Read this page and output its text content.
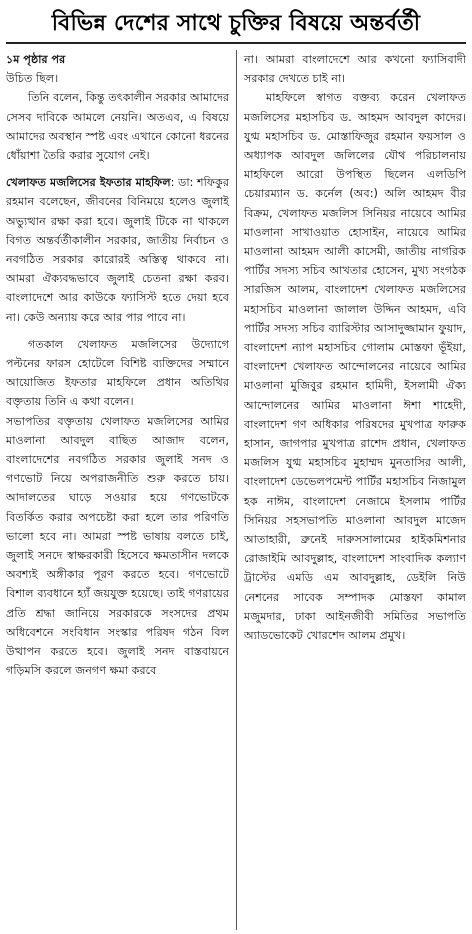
বিভিন্ন দেশের সাথে চুক্তির বিষয়ে অন্তর্বর্তী

১ম পৃষ্ঠার পর

উচিত ছিল।

তিনি বলেন, কিন্তু তৎকালীন সরকার আমাদের সেসব দাবিকে আমলে নেয়নি। অতএব, এ বিষয়ে আমাদের অবস্থান স্পষ্ট এবং এখানে কোনো ধরনের ধোঁয়াশা তৈরি করার সুযোগ নেই।

খেলাফত মজলিসের ইফতার মাহফিল: ডা: শফিকুর রহমান বলেছেন, জীবনের বিনিময়ে হলেও জুলাই অভ্যুত্থান রক্ষা করা হবে। জুলাই টিকে না থাকলে বিগত অন্তর্বর্তীকালীন সরকার, জাতীয় নির্বাচন ও নবগঠিত সরকার কারোরই অস্তিত্ব থাকবে না। আমরা ঐক্যবদ্ধভাবে জুলাই চেতনা রক্ষা করব। বাংলাদেশে আর কাউকে ফ্যাসিস্ট হতে দেয়া হবে না। কেউ অন্যায় করে আর পার পাবে না।

গতকাল খেলাফত মজলিসের উদ্যোগে পল্টনের ফারস হোটেলে বিশিষ্ট ব্যক্তিদের সম্মানে আয়োজিত ইফতার মাহফিলে প্রধান অতিথির বক্তৃতায় তিনি এ কথা বলেন।

সভাপতির বক্তৃতায় খেলাফত মজলিসের আমির মাওলানা আবদুল বাছিত আজাদ বলেন, বাংলাদেশের নবগঠিত সরকার জুলাই সনদ ও গণভোট নিয়ে অপরাজনীতি শুরু করতে চায়। আদালতের ঘাড়ে সওয়ার হয়ে গণভোটকে বিতর্কিত করার অপচেষ্টা করা হলে তার পরিণতি ভালো হবে না। আমরা স্পষ্ট ভাষায় বলতে চাই, জুলাই সনদে স্বাক্ষরকারী হিসেবে ক্ষমতাসীন দলকে অবশ্যই অঙ্গীকার পূরণ করতে হবে। গণভোটে বিশাল ব্যবধানে হ্যাঁ জয়যুক্ত হয়েছে। তাই গণরায়ের প্রতি শ্রদ্ধা জানিয়ে সরকারকে সংসদের প্রথম অধিবেশনে সংবিধান সংস্কার পরিষদ গঠন বিল উত্থাপন করতে হবে। জুলাই সনদ বাস্তবায়নে গড়িমসি করলে জনগণ ক্ষমা করবে

না। আমরা বাংলাদেশে আর কখনো ফ্যাসিবাদী সরকার দেখতে চাই না।

মাহফিলে স্বাগত বক্তব্য করেন খেলাফত মজলিসের মহাসচিব ড. আহমদ আবদুল কাদের। যুগ্ম মহাসচিব ড. মোস্তাফিজুর রহমান ফয়সাল ও অধ্যাপক আবদুল জলিলের যৌথ পরিচালনায় মাহফিলে আরো উপস্থিত ছিলেন এলডিপি চেয়ারম্যান ড. কর্নেল (অব:) অলি আহমদ বীর বিক্রম, খেলাফত মজলিস সিনিয়র নায়েবে আমির মাওলানা সাখাওয়াত হোসাইন, নায়েবে আমির মাওলানা আহমদ আলী কাসেমী, জাতীয় নাগরিক পার্টির সদস্য সচিব আখতার হোসেন, মুখ্য সংগঠক সারজিস আলম, বাংলাদেশ খেলাফত মজলিসের মহাসচিব মাওলানা জালাল উদ্দিন আহমদ, এবি পার্টির সদস্য সচিব ব্যারিস্টার আসাদুজ্জামান ফুয়াদ, বাংলাদেশ ন্যাপ মহাসচিব গোলাম মোস্তফা ভূঁইয়া, বাংলাদেশ খেলাফত আন্দোলনের নায়েবে আমির মাওলানা মুজিবুর রহমান হামিদী, ইসলামী ঐক্য আন্দোলনের আমির মাওলানা ঈশা শাহেদী, বাংলাদেশ গণ অধিকার পরিষদের মুখপাত্র ফারুক হাসান, জাগপার মুখপাত্র রাশেদ প্রধান, খেলাফত মজলিস যুগ্ম মহাসচিব মুহাম্মদ মুনতাসির আলী, বাংলাদেশ ডেভেলপমেন্ট পার্টির মহাসচিব নিজামুল হক নাঈম, বাংলাদেশ নেজামে ইসলাম পার্টির সিনিয়র সহসভাপতি মাওলানা আবদুল মাজেদ আতাহারী, ব্রুনেই দারুসসালামের হাইকমিশনার রোজাইমি আবদুল্লাহ, বাংলাদেশ সাংবাদিক কল্যাণ ট্রাস্টের এমডি এম আবদুল্লাহ, ডেইলি নিউ নেশনের সাবেক সম্পাদক মোস্তফা কামাল মজুমদার, ঢাকা আইনজীবী সমিতির সভাপতি অ্যাডভোকেট খোরশেদ আলম প্রমুখ।
